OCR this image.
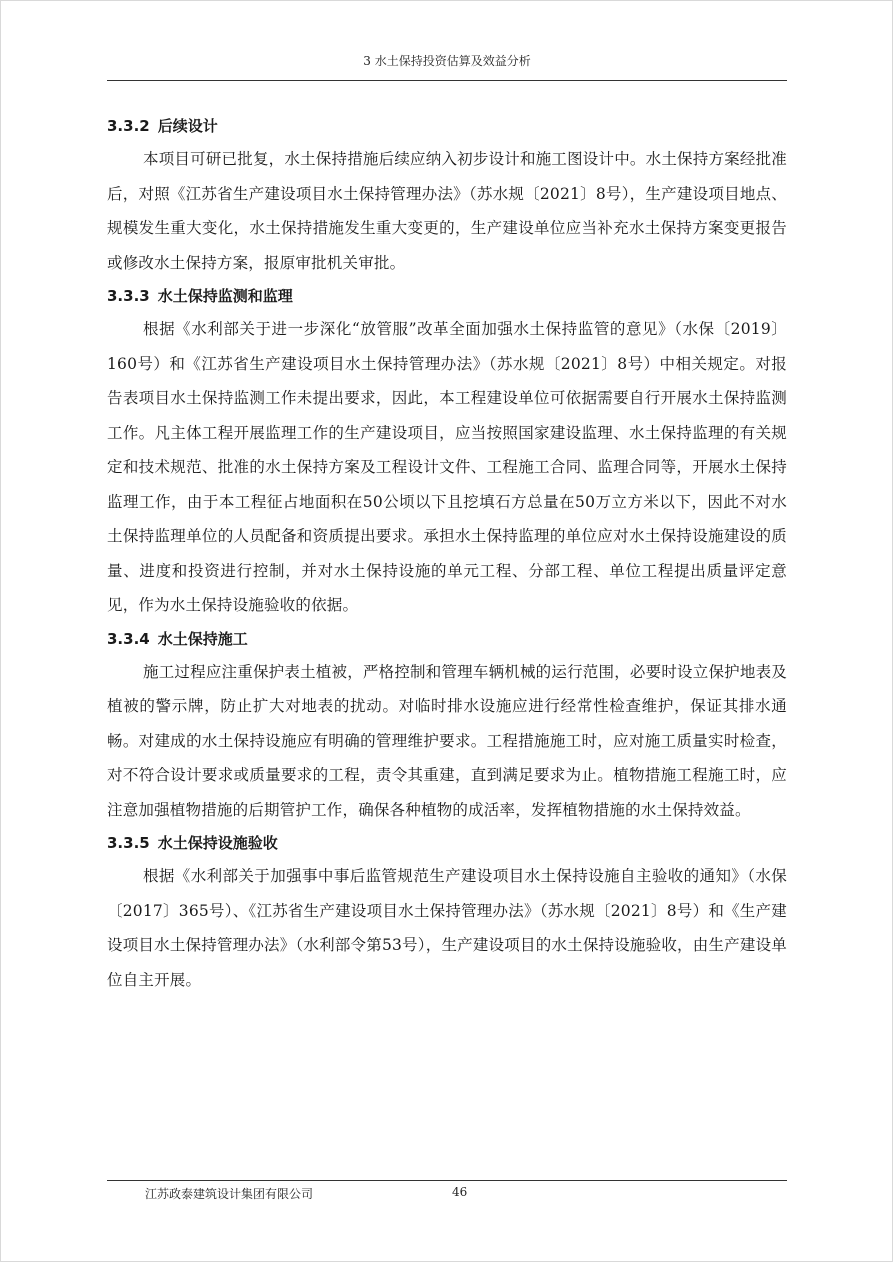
3 水土保持投资估算及效益分析
3.3.2 后续设计

本项目可研已批复，水土保持措施后续应纳入初步设计和施工图设计中。水土保持方案经批准后，对照《江苏省生产建设项目水土保持管理办法》（苏水规〔2021〕8号），生产建设项目地点、规模发生重大变化，水土保持措施发生重大变更的，生产建设单位应当补充水土保持方案变更报告或修改水土保持方案，报原审批机关审批。

3.3.3 水土保持监测和监理

根据《水利部关于进一步深化“放管服”改革全面加强水土保持监管的意见》（水保〔2019〕160号）和《江苏省生产建设项目水土保持管理办法》（苏水规〔2021〕8号）中相关规定。对报告表项目水土保持监测工作未提出要求，因此，本工程建设单位可依据需要自行开展水土保持监测工作。凡主体工程开展监理工作的生产建设项目，应当按照国家建设监理、水土保持监理的有关规定和技术规范、批准的水土保持方案及工程设计文件、工程施工合同、监理合同等，开展水土保持监理工作，由于本工程征占地面积在50公顷以下且挖填石方总量在50万立方米以下，因此不对水土保持监理单位的人员配备和资质提出要求。承担水土保持监理的单位应对水土保持设施建设的质量、进度和投资进行控制，并对水土保持设施的单元工程、分部工程、单位工程提出质量评定意见，作为水土保持设施验收的依据。

3.3.4 水土保持施工

施工过程应注重保护表土植被，严格控制和管理车辆机械的运行范围，必要时设立保护地表及植被的警示牌，防止扩大对地表的扰动。对临时排水设施应进行经常性检查维护，保证其排水通畅。对建成的水土保持设施应有明确的管理维护要求。工程措施施工时，应对施工质量实时检查，对不符合设计要求或质量要求的工程，责令其重建，直到满足要求为止。植物措施工程施工时，应注意加强植物措施的后期管护工作，确保各种植物的成活率，发挥植物措施的水土保持效益。

3.3.5 水土保持设施验收

根据《水利部关于加强事中事后监管规范生产建设项目水土保持设施自主验收的通知》（水保〔2017〕365号）、《江苏省生产建设项目水土保持管理办法》（苏水规〔2021〕8号）和《生产建设项目水土保持管理办法》（水利部令第53号），生产建设项目的水土保持设施验收，由生产建设单位自主开展。

江苏政泰建筑设计集团有限公司	46
